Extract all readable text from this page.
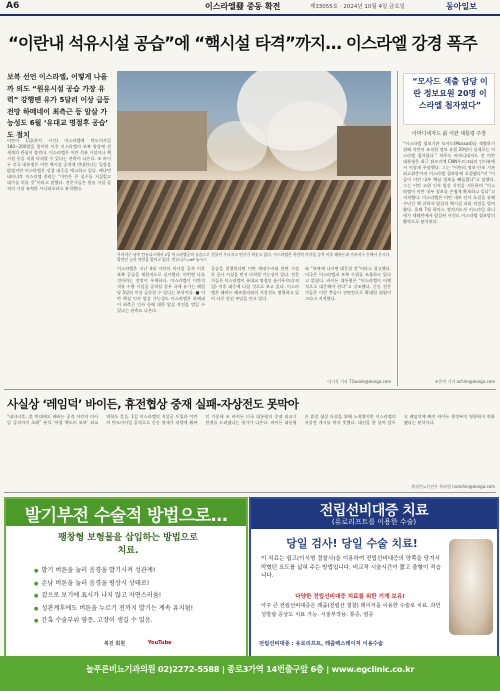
A6	이스라엘發 중동 확전	제33055호 · 2024년 10월 4일 금요일	동아일보
“이란내 석유시설 공습”에 “핵시설 타격”까지… 이스라엘 강경 폭주
보복 선언 이스라엘, 어떻게 나올까 의도 “원유시설 공습 가장 유력” 강행땐 유가 5달러 이상 급등 전망 하메네이 최측근 등 암살 가능성도 6월 ‘유대교 명절후 공습’ 도 점치
이란이 1일(현지 시간) 이스라엘에 탄도미사일 180∼200발을 발사한 이후 이스라엘의 보복 양상에 전 세계의 관심이 쏠린다. 이스라엘은 이란 석유 시설이나 핵시설 등을 직접 타격할 수 있다는 관측이 나온다. 조 바이든 미국 대통령은 이란 핵시설 공격에 반대한다는 입장을 밝혔지만 이스라엘은 강경 대응을 예고하고 있다. 베냐민 네타냐후 이스라엘 총리는 “이란은 큰 실수를 저질렀고 대가를 치를 것”이라고 말했다. 전문가들은 원유 시설 공격이 가장 유력한 시나리오라고 분석했다.
가자지구 남부 칸유니스에서 2일 이스라엘군의 공습으로 건물이 무너지고 연기가 치솟고 있다. 이스라엘은 이란의 미사일 공격 이후 레바논과 가자지구 등에서 동시다발적인 군사 작전을 벌이고 있다. 칸유니스=AP 뉴시스
이스라엘은 지난 4월 이란의 미사일 공격 이후 보복 공습을 제한적으로 실시했다. 이번엔 다를 것이라는 전망이 우세하다. 이스라엘이 이란의 석유 수출 시설을 공격할 경우 국제 유가는 배럴당 5달러 이상 급등할 수 있다는 분석이다. ■ 이란 핵심 인사 암살 가능성도 이스라엘은 하메네이 최측근 인사 등에 대한 암살 작전을 벌일 수 있다는 관측도 나온다.
공습을 결행한다면 이란 혁명수비대 관련 시설 등 군사 시설을 먼저 타격할 가능성이 있다. 전문가들은 이스라엘이 유대교 명절인 욤키푸르(속죄일) 이후 대응에 나설 것으로 보고 있다. 이스라엘은 레바논 헤즈볼라와의 지상전도 병행하고 있어 다중 전선 부담을 안고 있다.
와 “보복에 나서면 대응할 것”이라고 경고했다. 미국은 이스라엘과 보복 수위를 조율하고 있다고 밝혔다. 바이든 대통령은 “이스라엘이 비례적으로 대응해야 한다”고 강조했다. 중동 전문가들은 이번 충돌이 전면전으로 확대될 위험이 크다고 지적했다.
이기욱 기자 71wook@donga.com
“모사드 색출 담당 이란 정보요원 20명 이스라엘 첩자였다”
아마디네자드 前 이란 대통령 주장
“이스라엘 첩보기관 모사드(Mossad)를 색출하기 위해 이란이 조직한 정보 요원 20명이 실제로는 이스라엘 첩자였다.” 마무드 아마디네자드 전 이란 대통령은 최근 튀르키예 CNN투르크와의 인터뷰에서 이렇게 주장했다. 그는 “이란의 정보·안보 기관 최고위층까지 이스라엘 첩보망에 포섭됐다”며 “이들이 이란 내부 핵심 정보를 빼돌렸다”고 말했다. 그는 이란 고위 인사 암살 사건을 거론하며 “이스라엘이 이란 내부 정보를 손쉽게 확보하고 있다”고 지적했다. 이스라엘은 이란 내부 인사 포섭을 통해 수년간 핵 과학자 암살과 핵시설 파괴 작전을 벌여왔다. 올해 7월 하마스 정치지도자 이스마일 하니예가 테헤란에서 암살된 사건도 이스라엘 첩보망의 활약으로 분석된다.
조은아 기자 achim@donga.com
사실상 ‘레임덕’ 바이든, 휴전협상 중재 실패-자상전도 못막아
“네타냐후, 美 반대에도 레바논 공격 이란의 미사일 공격까지 초래” 분석 ‘아랍 핵도미 보복’ 외교 역학도 흔들. 1일 이스라엘의 지상군 투입과 이란의 탄도미사일 공격으로 중동 정세가 격랑에 휩싸인 가운데 조 바이든 미국 대통령의 중재 외교가 한계를 드러냈다는 평가가 나온다. 바이든 대통령은 휴전 협상 타결을 위해 노력했지만 이스라엘의 지상전 개시를 막지 못했다. 대선을 한 달여 앞두고 레임덕에 빠진 바이든 행정부의 영향력이 약화됐다는 분석이다.
워싱턴=신진우 특파원 niceshin@donga.com
발기부전 수술적 방법으로…
팽창형 보형물을 삽입하는 방법으로 치료.
● 발기 버튼을 눌러 음경을 발기시켜 성관계!
● 손남 버튼을 눌러 음경을 평상시 상태로!
● 겉으로 보기에 표시가 나지 않고 자연스러움!
● 성관계후에도 버튼을 누르기 전까지 발기는 계속 유지됨!
● 간혹 수술부위 염증, 고장이 생길 수 있음.
복진 회원	YouTube
전립선비대증 치료
(유로리프트를 이용한 수술)
당일 검사! 당일 수술 치료!
이 치료는 쉽고(이식형 결찰사)을 이용하여 전립선비대증의 양쪽을 당겨서 막혔던 요도를 넓혀 주는 방법입니다. 비교적 시술시간이 짧고 출혈이 적습니다.
다양한 전립선비대증 치료를 위한 기계 보유!
아주 큰 전립선비대증은 레쥼(전립선 결찰) 레이저를 이용한 수술로 치료. 과민성방광 증상도 치료 가능. 시술부작용: 통증, 염증
전립선비대증 : 유로리프트, 레쥼렉스레이저 이용수술
놀푸른비뇨기과의원 02)2272-5588 | 종로3가역 14번출구앞 6층 | www.egclinic.co.kr
